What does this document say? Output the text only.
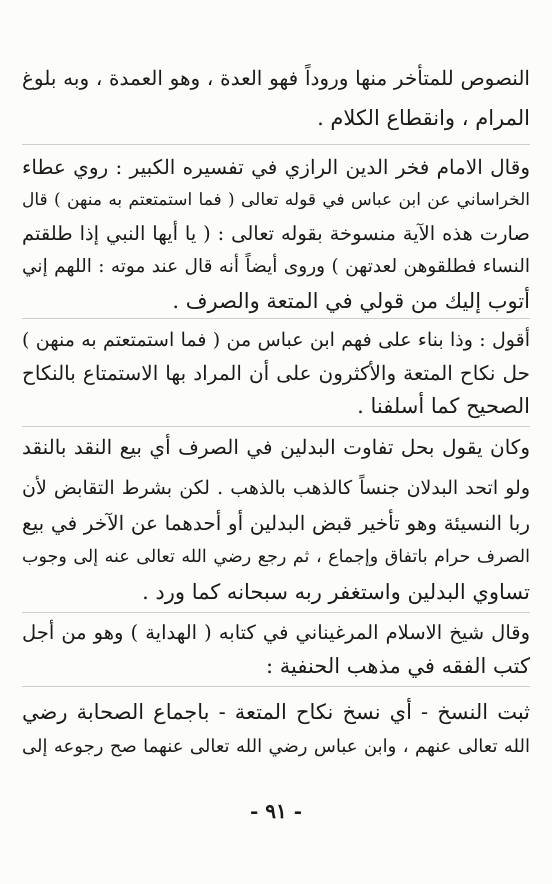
النصوص للمتأخر منها وروداً فهو العدة ، وهو العمدة ، وبه بلوغ
المرام ، وانقطاع الكلام .
وقال الامام فخر الدين الرازي في تفسيره الكبير : روي عطاء
الخراساني عن ابن عباس في قوله تعالى ( فما استمتعتم به منهن ) قال
صارت هذه الآية منسوخة بقوله تعالى : ( يا أيها النبي إذا طلقتم
النساء فطلقوهن لعدتهن ) وروى أيضاً أنه قال عند موته : اللهم إني
أتوب إليك من قولي في المتعة والصرف .
أقول : وذا بناء على فهم ابن عباس من ( فما استمتعتم به منهن )
حل نكاح المتعة والأكثرون على أن المراد بها الاستمتاع بالنكاح
الصحيح كما أسلفنا .
وكان يقول بحل تفاوت البدلين في الصرف أي بيع النقد بالنقد
ولو اتحد البدلان جنساً كالذهب بالذهب . لكن بشرط التقابض لأن
ربا النسيئة وهو تأخير قبض البدلين أو أحدهما عن الآخر في بيع
الصرف حرام باتفاق وإجماع ، ثم رجع رضي الله تعالى عنه إلى وجوب
تساوي البدلين واستغفر ربه سبحانه كما ورد .
وقال شيخ الاسلام المرغيناني في كتابه ( الهداية ) وهو من أجل
كتب الفقه في مذهب الحنفية :
ثبت النسخ - أي نسخ نكاح المتعة - باجماع الصحابة رضي
الله تعالى عنهم ، وابن عباس رضي الله تعالى عنهما صح رجوعه إلى
- ٩١ -
